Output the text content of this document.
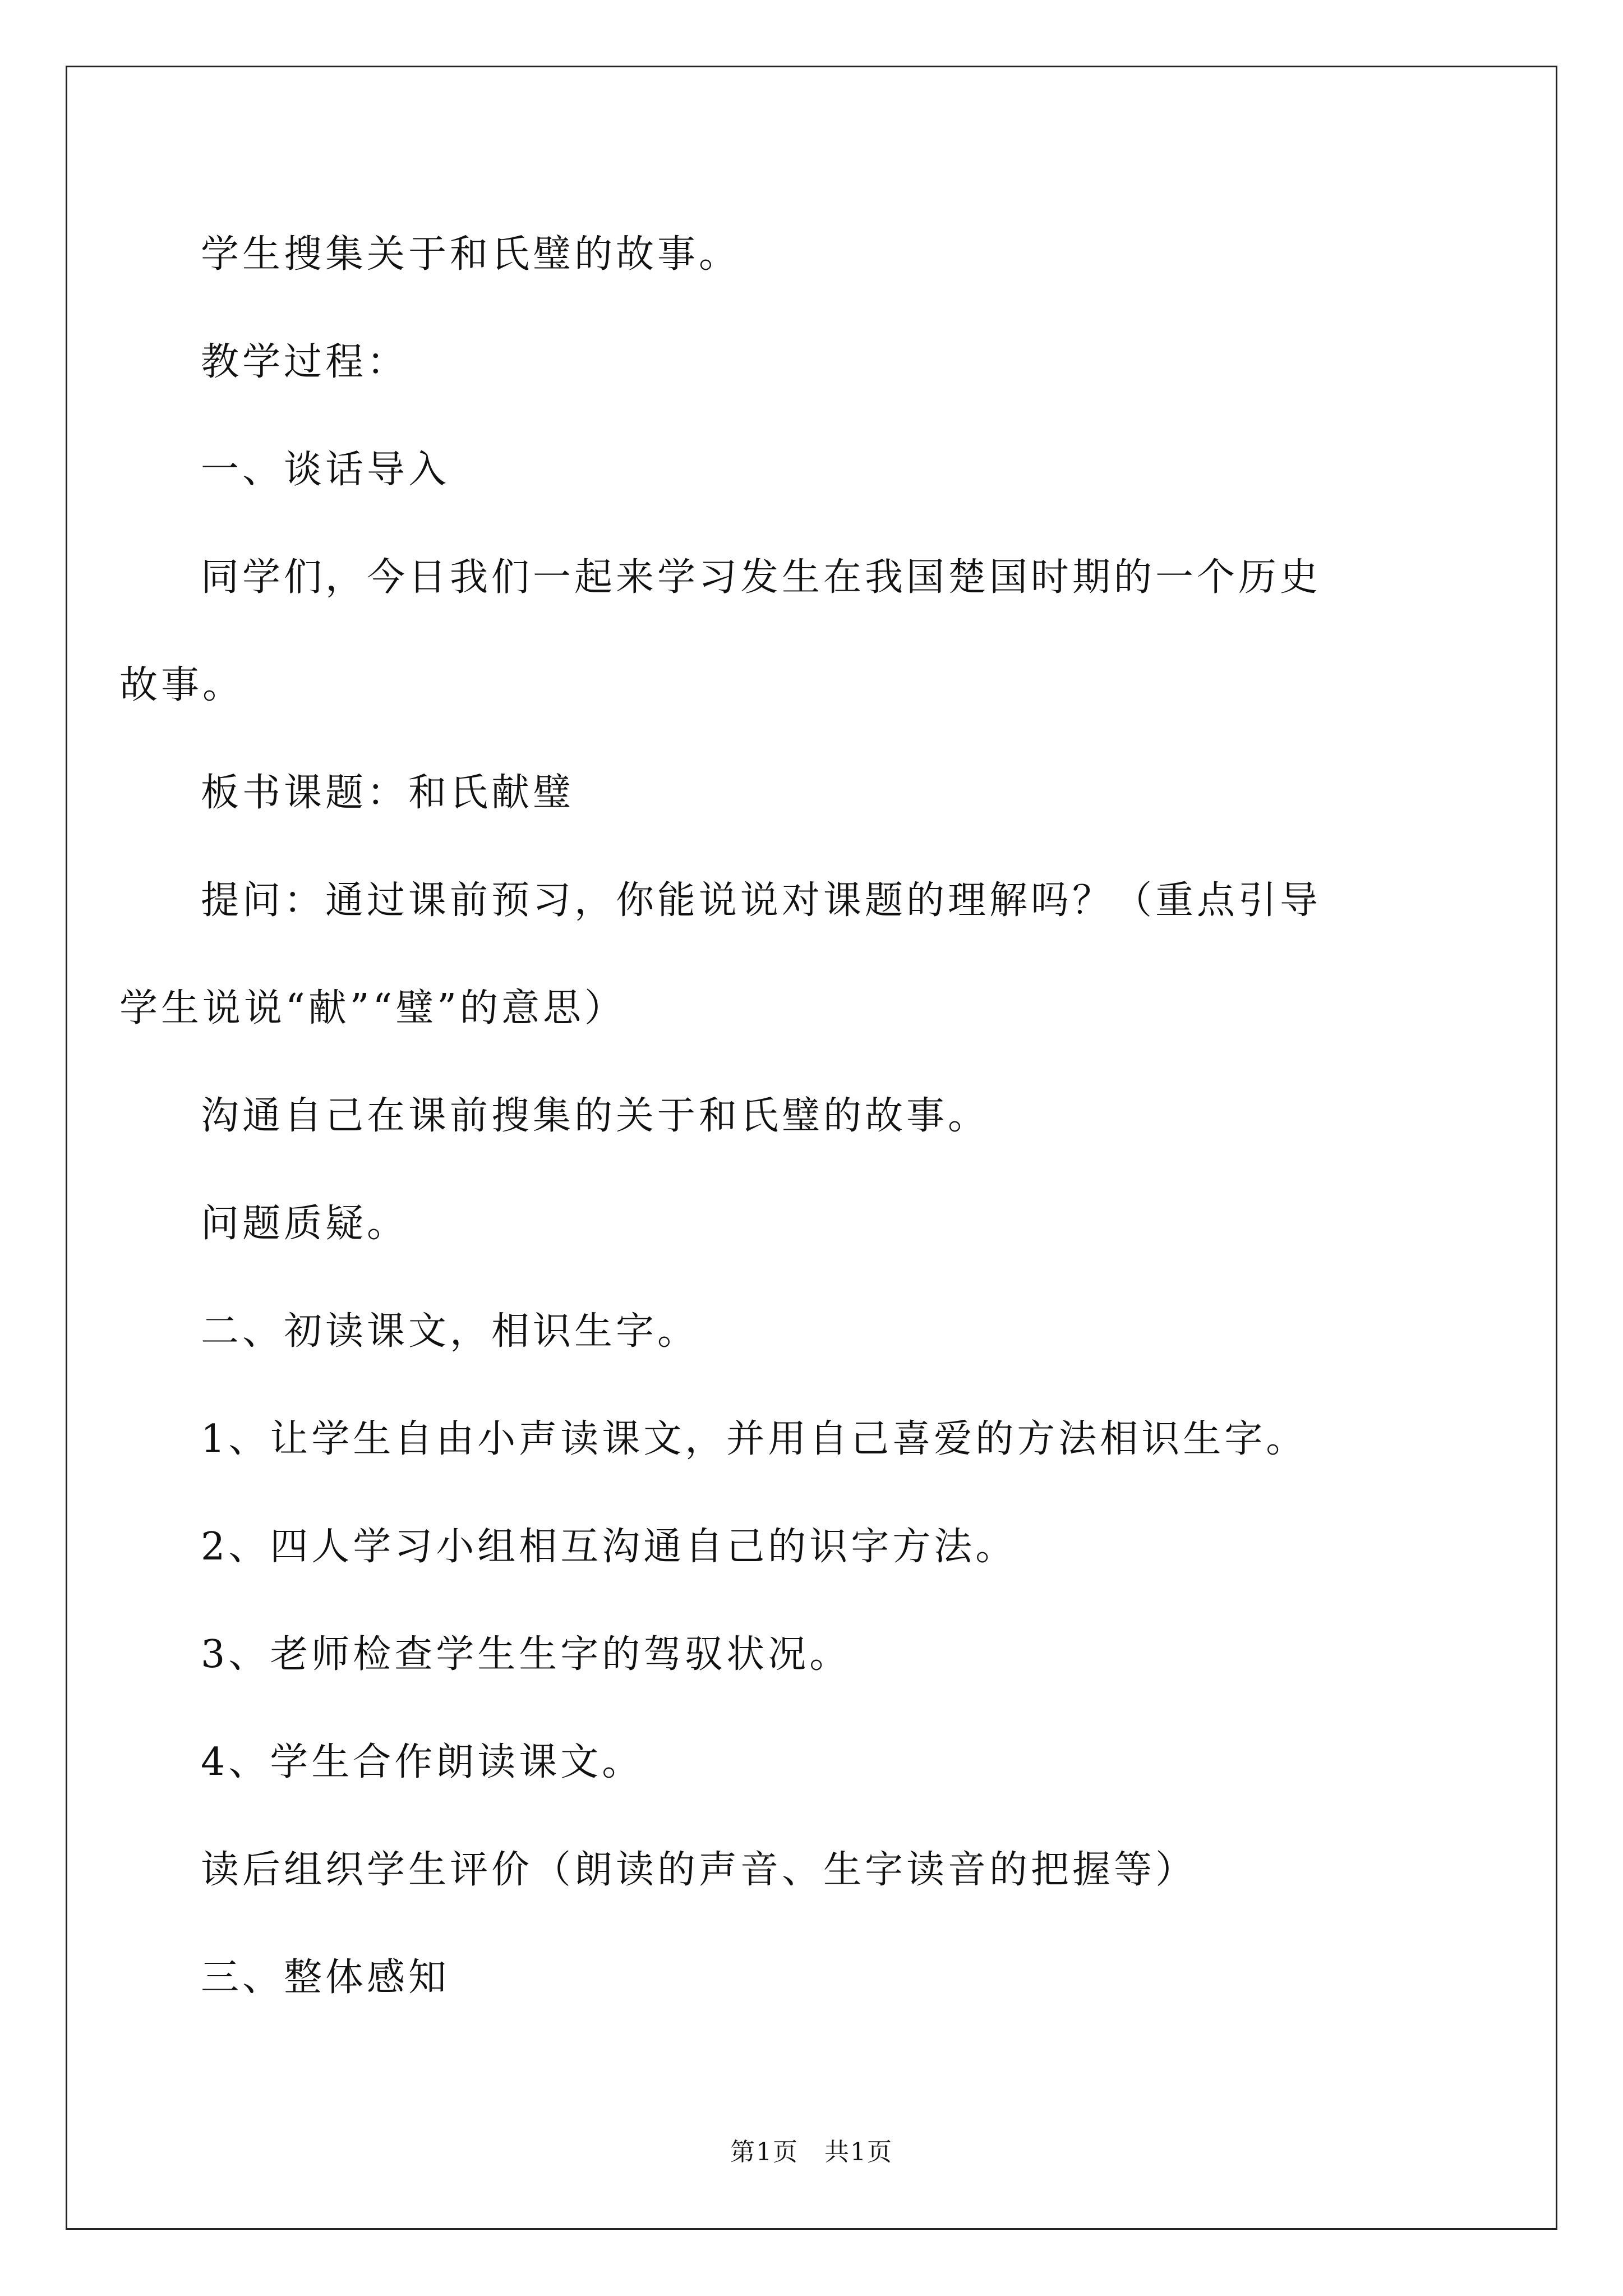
学生搜集关于和氏璧的故事。
教学过程：
一、谈话导入
同学们，今日我们一起来学习发生在我国楚国时期的一个历史故事。
板书课题：和氏献璧
提问：通过课前预习，你能说说对课题的理解吗？（重点引导学生说说“献”“璧”的意思）
沟通自己在课前搜集的关于和氏璧的故事。
问题质疑。
二、初读课文，相识生字。
1、让学生自由小声读课文，并用自己喜爱的方法相识生字。
2、四人学习小组相互沟通自己的识字方法。
3、老师检查学生生字的驾驭状况。
4、学生合作朗读课文。
读后组织学生评价（朗读的声音、生字读音的把握等）
三、整体感知
第1页　共1页
